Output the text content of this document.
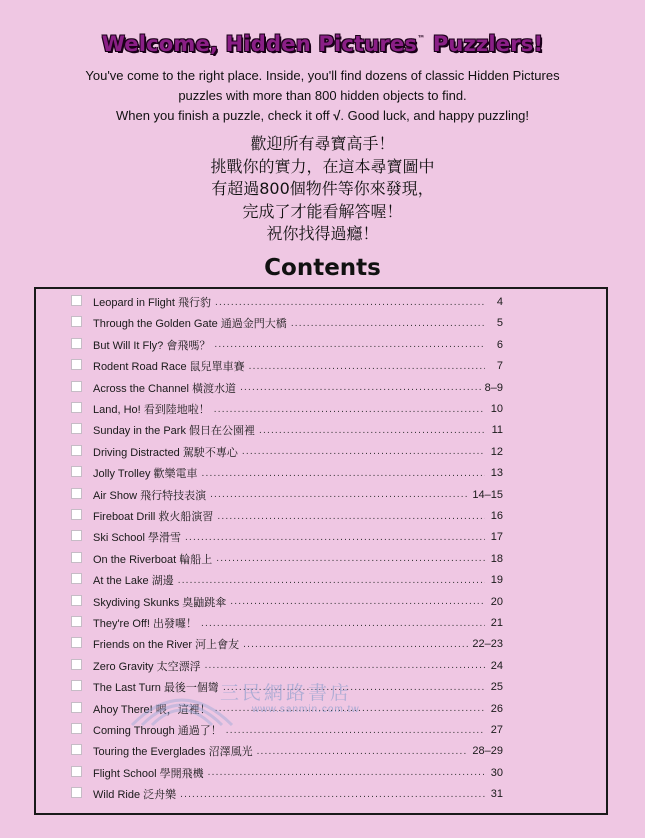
Welcome, Hidden Pictures™ Puzzlers!
You've come to the right place. Inside, you'll find dozens of classic Hidden Pictures
puzzles with more than 800 hidden objects to find.
When you finish a puzzle, check it off √. Good luck, and happy puzzling!
歡迎所有尋寶高手！
挑戰你的實力，在這本尋寶圖中
有超過800個物件等你來發現，
完成了才能看解答喔！
祝你找得過癮！
Contents
Leopard in Flight 飛行豹 .....	4
Through the Golden Gate 通過金門大橋 .....	5
But Will It Fly? 會飛嗎？ .....	6
Rodent Road Race 鼠兒單車賽 .....	7
Across the Channel 橫渡水道 .....	8–9
Land, Ho! 看到陸地啦！ .....	10
Sunday in the Park 假日在公園裡 .....	11
Driving Distracted 駕駛不專心 .....	12
Jolly Trolley 歡樂電車 .....	13
Air Show 飛行特技表演 .....	14–15
Fireboat Drill 救火船演習 .....	16
Ski School 學滑雪 .....	17
On the Riverboat 輪船上 .....	18
At the Lake 湖邊 .....	19
Skydiving Skunks 臭鼬跳傘 .....	20
They're Off! 出發囉！ .....	21
Friends on the River 河上會友 .....	22–23
Zero Gravity 太空漂浮 .....	24
The Last Turn 最後一個彎 .....	25
Ahoy There! 喂，這裡！ .....	26
Coming Through 通過了！ .....	27
Touring the Everglades 沼澤風光 .....	28–29
Flight School 學開飛機 .....	30
Wild Ride 泛舟樂 .....	31
三民網路書店
www.sanmin.com.tw
